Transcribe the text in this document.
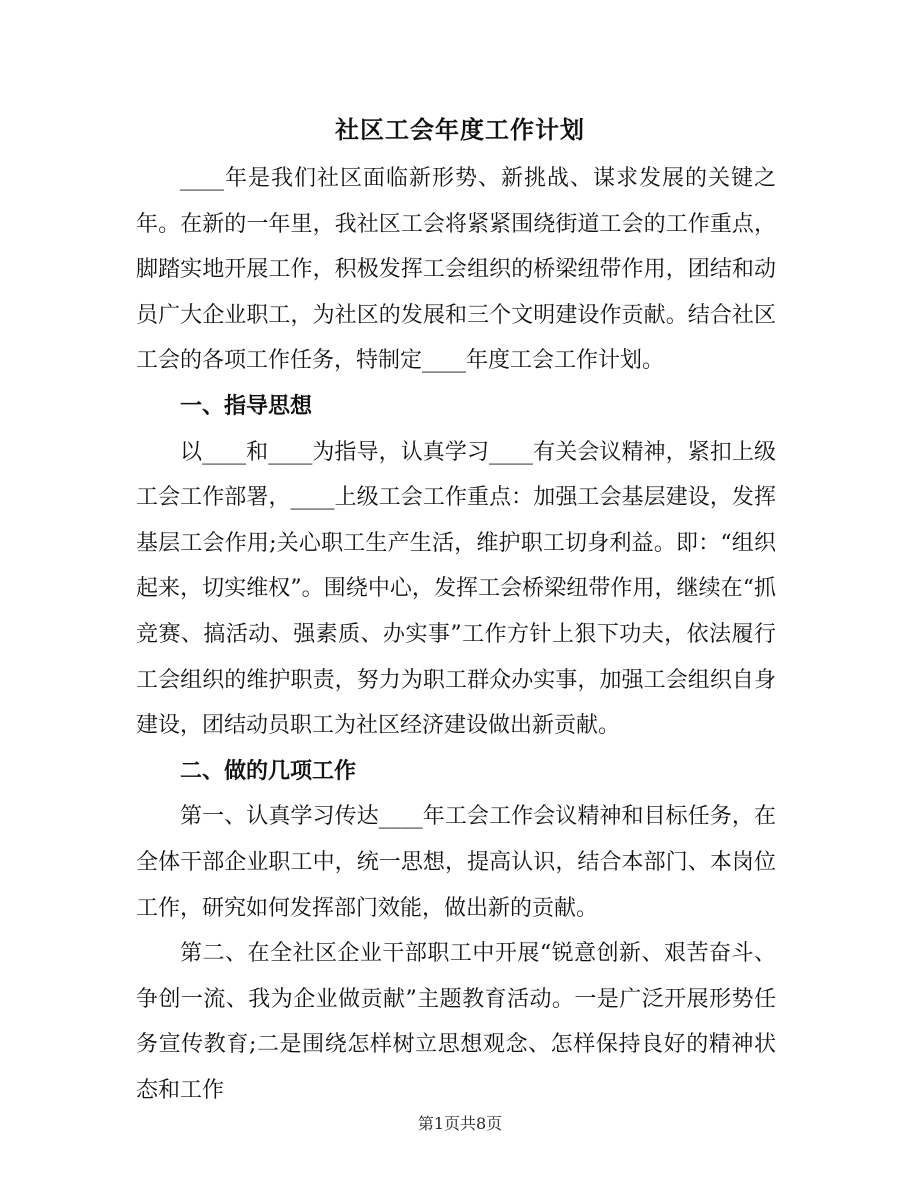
社区工会年度工作计划

____年是我们社区面临新形势、新挑战、谋求发展的关键之年。在新的一年里，我社区工会将紧紧围绕街道工会的工作重点，脚踏实地开展工作，积极发挥工会组织的桥梁纽带作用，团结和动员广大企业职工，为社区的发展和三个文明建设作贡献。结合社区工会的各项工作任务，特制定____年度工会工作计划。

一、指导思想

以____和____为指导，认真学习____有关会议精神，紧扣上级工会工作部署，____上级工会工作重点：加强工会基层建设，发挥基层工会作用;关心职工生产生活，维护职工切身利益。即：“组织起来，切实维权”。围绕中心，发挥工会桥梁纽带作用，继续在“抓竞赛、搞活动、强素质、办实事”工作方针上狠下功夫，依法履行工会组织的维护职责，努力为职工群众办实事，加强工会组织自身建设，团结动员职工为社区经济建设做出新贡献。

二、做的几项工作

第一、认真学习传达____年工会工作会议精神和目标任务，在全体干部企业职工中，统一思想，提高认识，结合本部门、本岗位工作，研究如何发挥部门效能，做出新的贡献。

第二、在全社区企业干部职工中开展“锐意创新、艰苦奋斗、争创一流、我为企业做贡献”主题教育活动。一是广泛开展形势任务宣传教育;二是围绕怎样树立思想观念、怎样保持良好的精神状态和工作

第1页共8页
